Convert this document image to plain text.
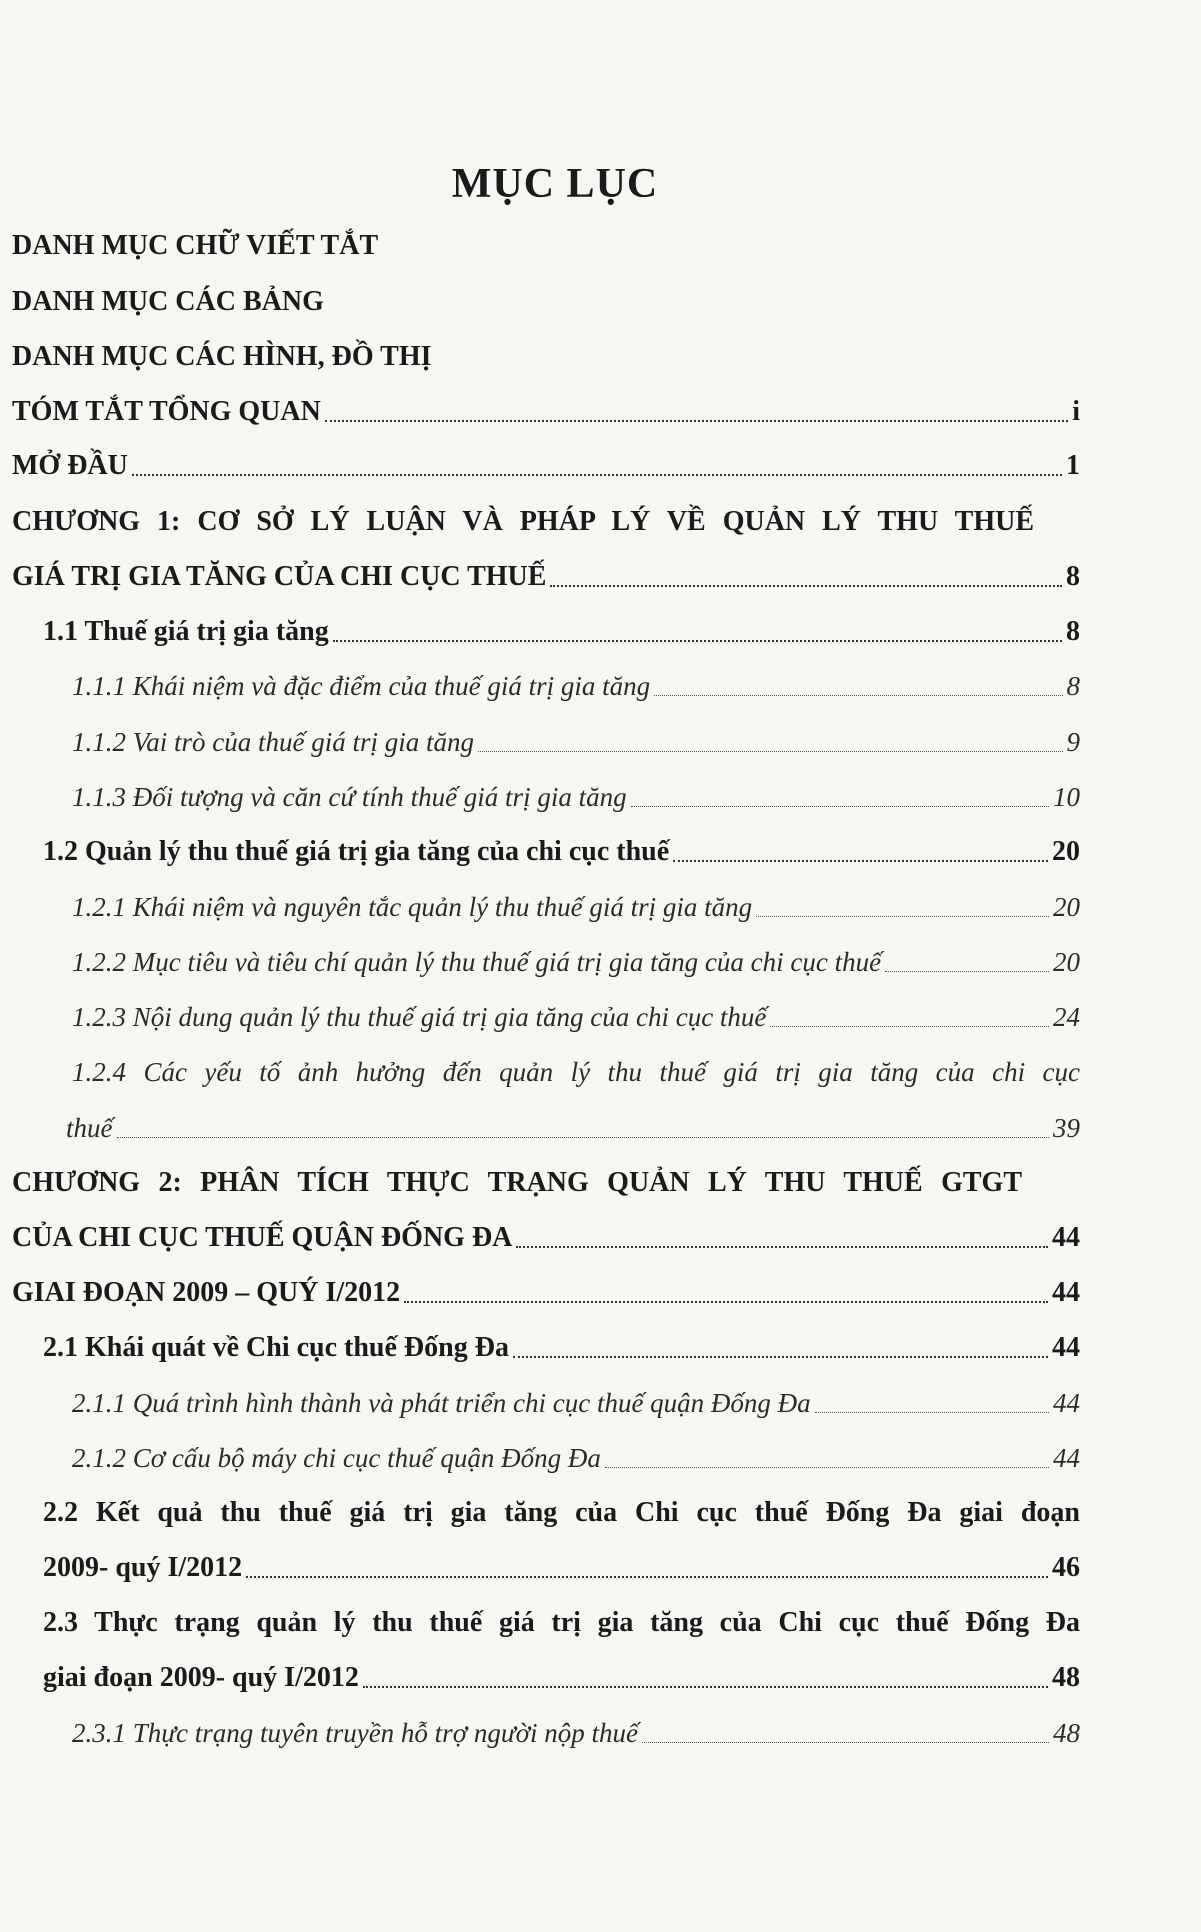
MỤC LỤC
DANH MỤC CHỮ VIẾT TẮT
DANH MỤC CÁC BẢNG
DANH MỤC CÁC HÌNH, ĐỒ THỊ
TÓM TẮT TỔNG QUAN	i
MỞ ĐẦU	1
CHƯƠNG 1: CƠ SỞ LÝ LUẬN VÀ PHÁP LÝ VỀ QUẢN LÝ THU THUẾ
GIÁ TRỊ GIA TĂNG CỦA CHI CỤC THUẾ	8
1.1 Thuế giá trị gia tăng	8
1.1.1 Khái niệm và đặc điểm của thuế giá trị gia tăng	8
1.1.2 Vai trò của thuế giá trị gia tăng	9
1.1.3 Đối tượng và căn cứ tính thuế giá trị gia tăng	10
1.2 Quản lý thu thuế giá trị gia tăng của chi cục thuế	20
1.2.1 Khái niệm và nguyên tắc quản lý thu thuế giá trị gia tăng	20
1.2.2 Mục tiêu và tiêu chí quản lý thu thuế giá trị gia tăng của chi cục thuế	20
1.2.3 Nội dung quản lý thu thuế giá trị gia tăng của chi cục thuế	24
1.2.4 Các yếu tố ảnh hưởng đến quản lý thu thuế giá trị gia tăng của chi cục
thuế	39
CHƯƠNG 2: PHÂN TÍCH THỰC TRẠNG QUẢN LÝ THU THUẾ GTGT
CỦA CHI CỤC THUẾ QUẬN ĐỐNG ĐA	44
GIAI ĐOẠN 2009 – QUÝ I/2012	44
2.1 Khái quát về Chi cục thuế Đống Đa	44
2.1.1 Quá trình hình thành và phát triển chi cục thuế quận Đống Đa	44
2.1.2 Cơ cấu bộ máy chi cục thuế quận Đống Đa	44
2.2 Kết quả thu thuế giá trị gia tăng của Chi cục thuế Đống Đa giai đoạn
2009- quý I/2012	46
2.3 Thực trạng quản lý thu thuế giá trị gia tăng của Chi cục thuế Đống Đa
giai đoạn 2009- quý I/2012	48
2.3.1 Thực trạng tuyên truyền hỗ trợ người nộp thuế	48
